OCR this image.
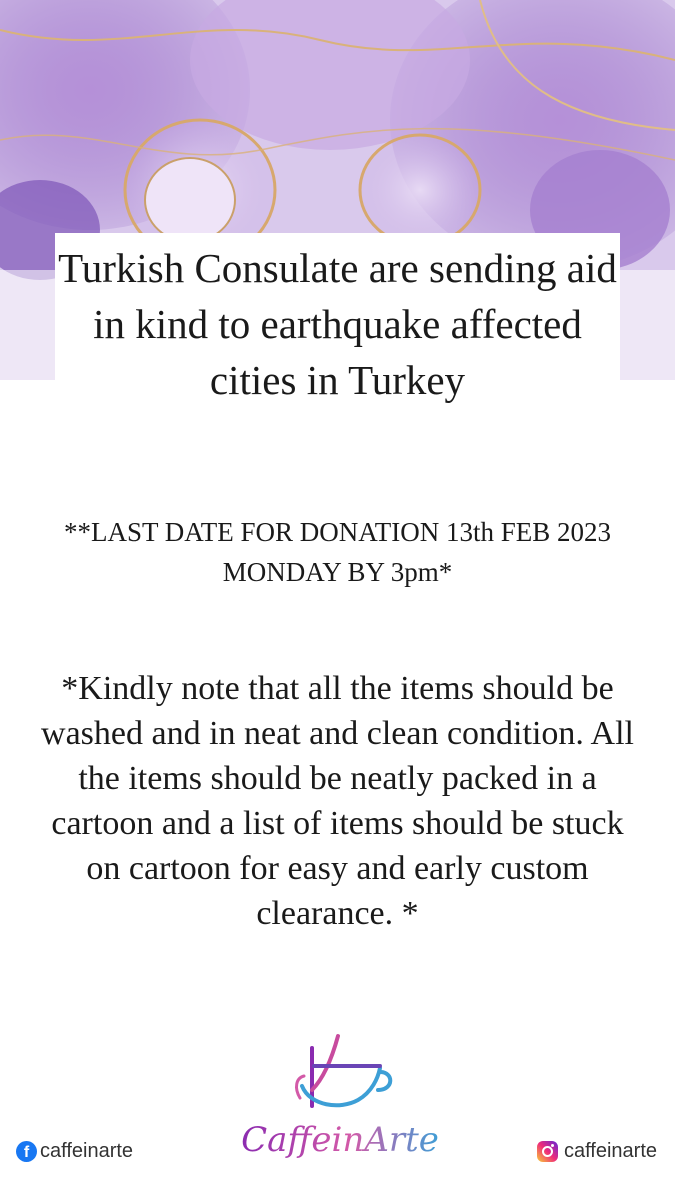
Turkish Consulate are sending aid in kind to earthquake affected cities in Turkey

**LAST DATE FOR DONATION 13th FEB 2023 MONDAY BY 3pm*

*Kindly note that all the items should be washed and in neat and clean condition. All the items should be neatly packed in a cartoon and a list of items should be stuck on cartoon for easy and early custom clearance. *

CaffeinArte
f caffeinarte	caffeinarte
